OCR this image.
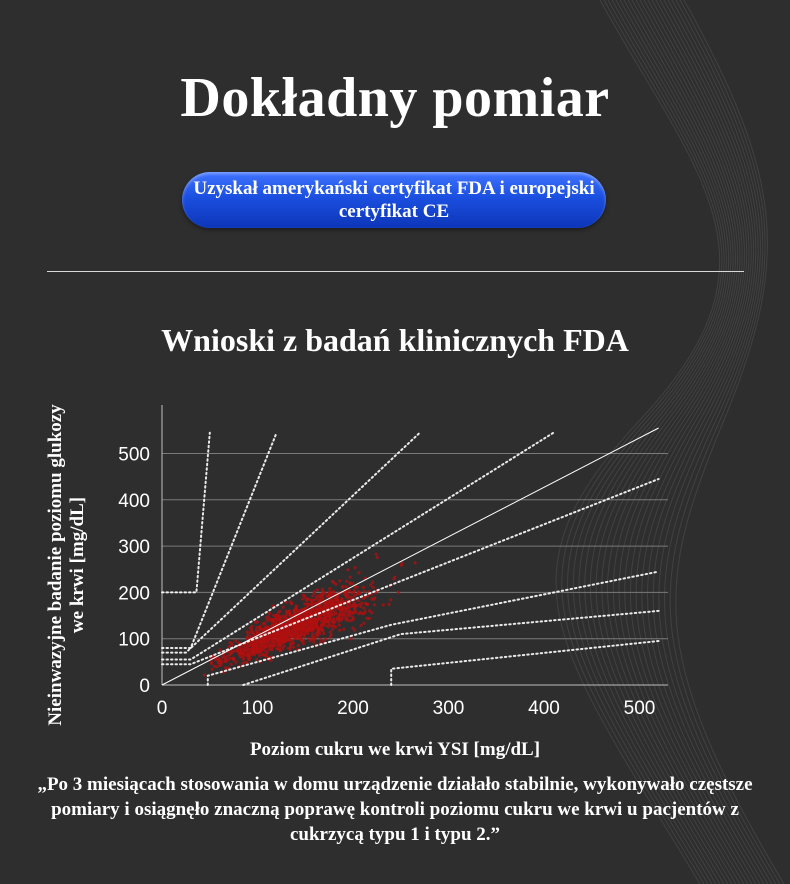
Dokładny pomiar
Uzyskał amerykański certyfikat FDA i europejski certyfikat CE
Wnioski z badań klinicznych FDA
0
100
200
300
400
500
0	100	200	300	400	500
Nieinwazyjne badanie poziomu glukozy we krwi [mg/dL]
Poziom cukru we krwi YSI [mg/dL]
„Po 3 miesiącach stosowania w domu urządzenie działało stabilnie, wykonywało częstsze pomiary i osiągnęło znaczną poprawę kontroli poziomu cukru we krwi u pacjentów z cukrzycą typu 1 i typu 2.”
